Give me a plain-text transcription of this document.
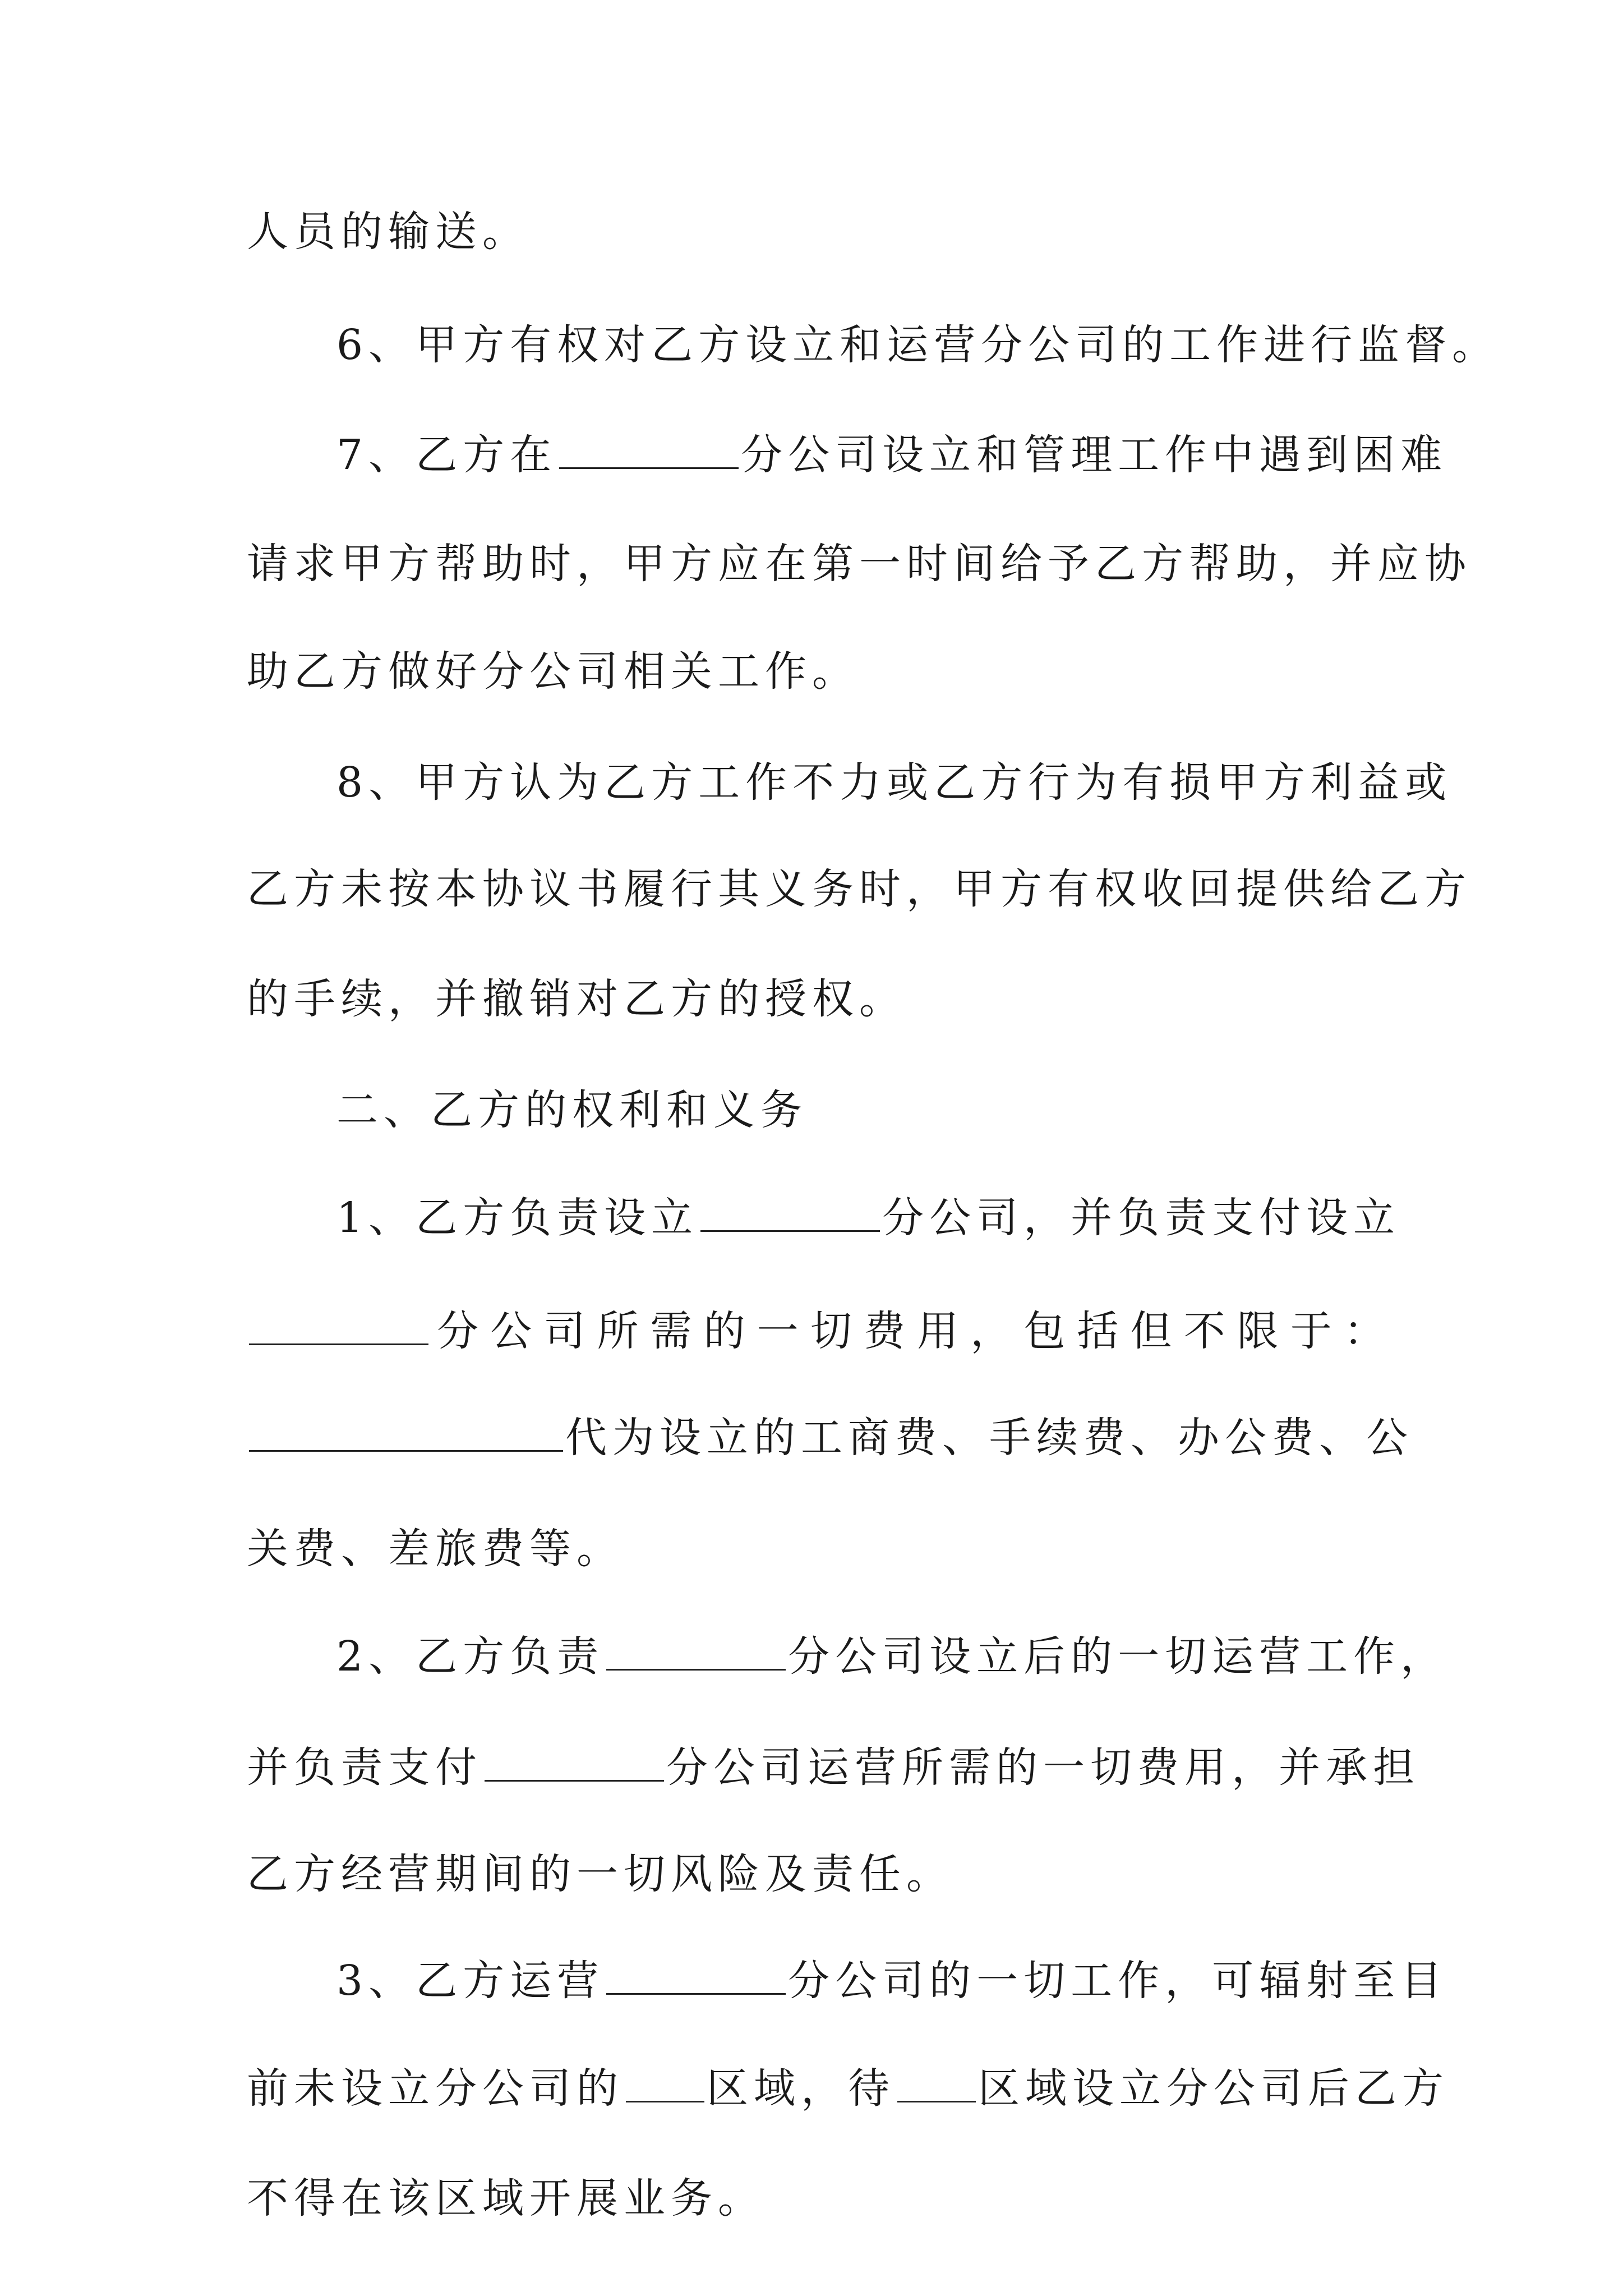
人员的输送。
6、甲方有权对乙方设立和运营分公司的工作进行监督。
7、乙方在	分公司设立和管理工作中遇到困难
请求甲方帮助时，甲方应在第一时间给予乙方帮助，并应协
助乙方做好分公司相关工作。
8、甲方认为乙方工作不力或乙方行为有损甲方利益或
乙方未按本协议书履行其义务时，甲方有权收回提供给乙方
的手续，并撤销对乙方的授权。
二、乙方的权利和义务
1、乙方负责设立	分公司，并负责支付设立
分公司所需的一切费用，包括但不限于：
代为设立的工商费、手续费、办公费、公
关费、差旅费等。
2、乙方负责	分公司设立后的一切运营工作，
并负责支付	分公司运营所需的一切费用，并承担
乙方经营期间的一切风险及责任。
3、乙方运营	分公司的一切工作，可辐射至目
前未设立分公司的 区域，待 区域设立分公司后乙方
不得在该区域开展业务。
